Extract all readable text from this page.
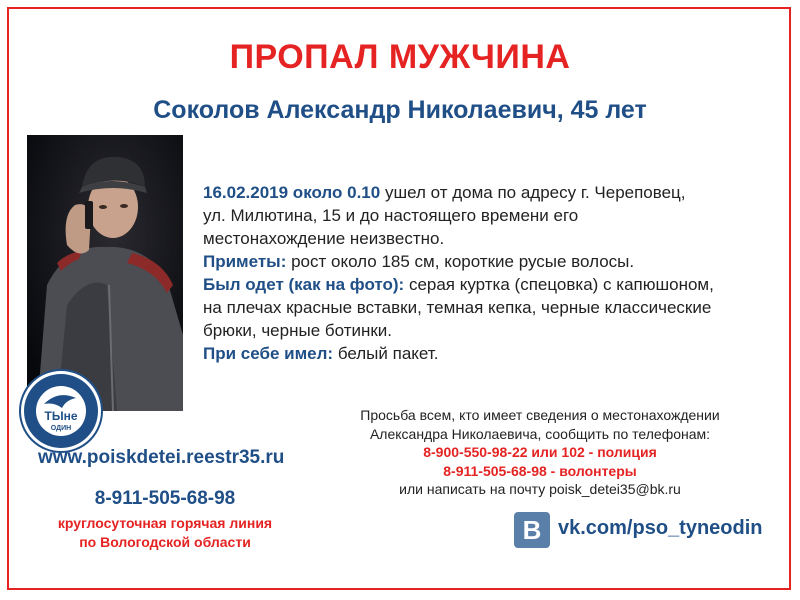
ПРОПАЛ МУЖЧИНА
Соколов Александр Николаевич, 45 лет
16.02.2019 около 0.10 ушел от дома по адресу г. Череповец,
ул. Милютина, 15 и до настоящего времени его
местонахождение неизвестно.
Приметы: рост около 185 см, короткие русые волосы.
Был одет (как на фото): серая куртка (спецовка) с капюшоном,
на плечах красные вставки, темная кепка, черные классические
брюки, черные ботинки.
При себе имел: белый пакет.
ТЫне
ОДИН
www.poiskdetei.reestr35.ru
8-911-505-68-98
круглосуточная горячая линия
по Вологодской области
Просьба всем, кто имеет сведения о местонахождении
Александра Николаевича, сообщить по телефонам:
8-900-550-98-22 или 102 - полиция
8-911-505-68-98 - волонтеры
или написать на почту poisk_detei35@bk.ru
В vk.com/pso_tyneodin
